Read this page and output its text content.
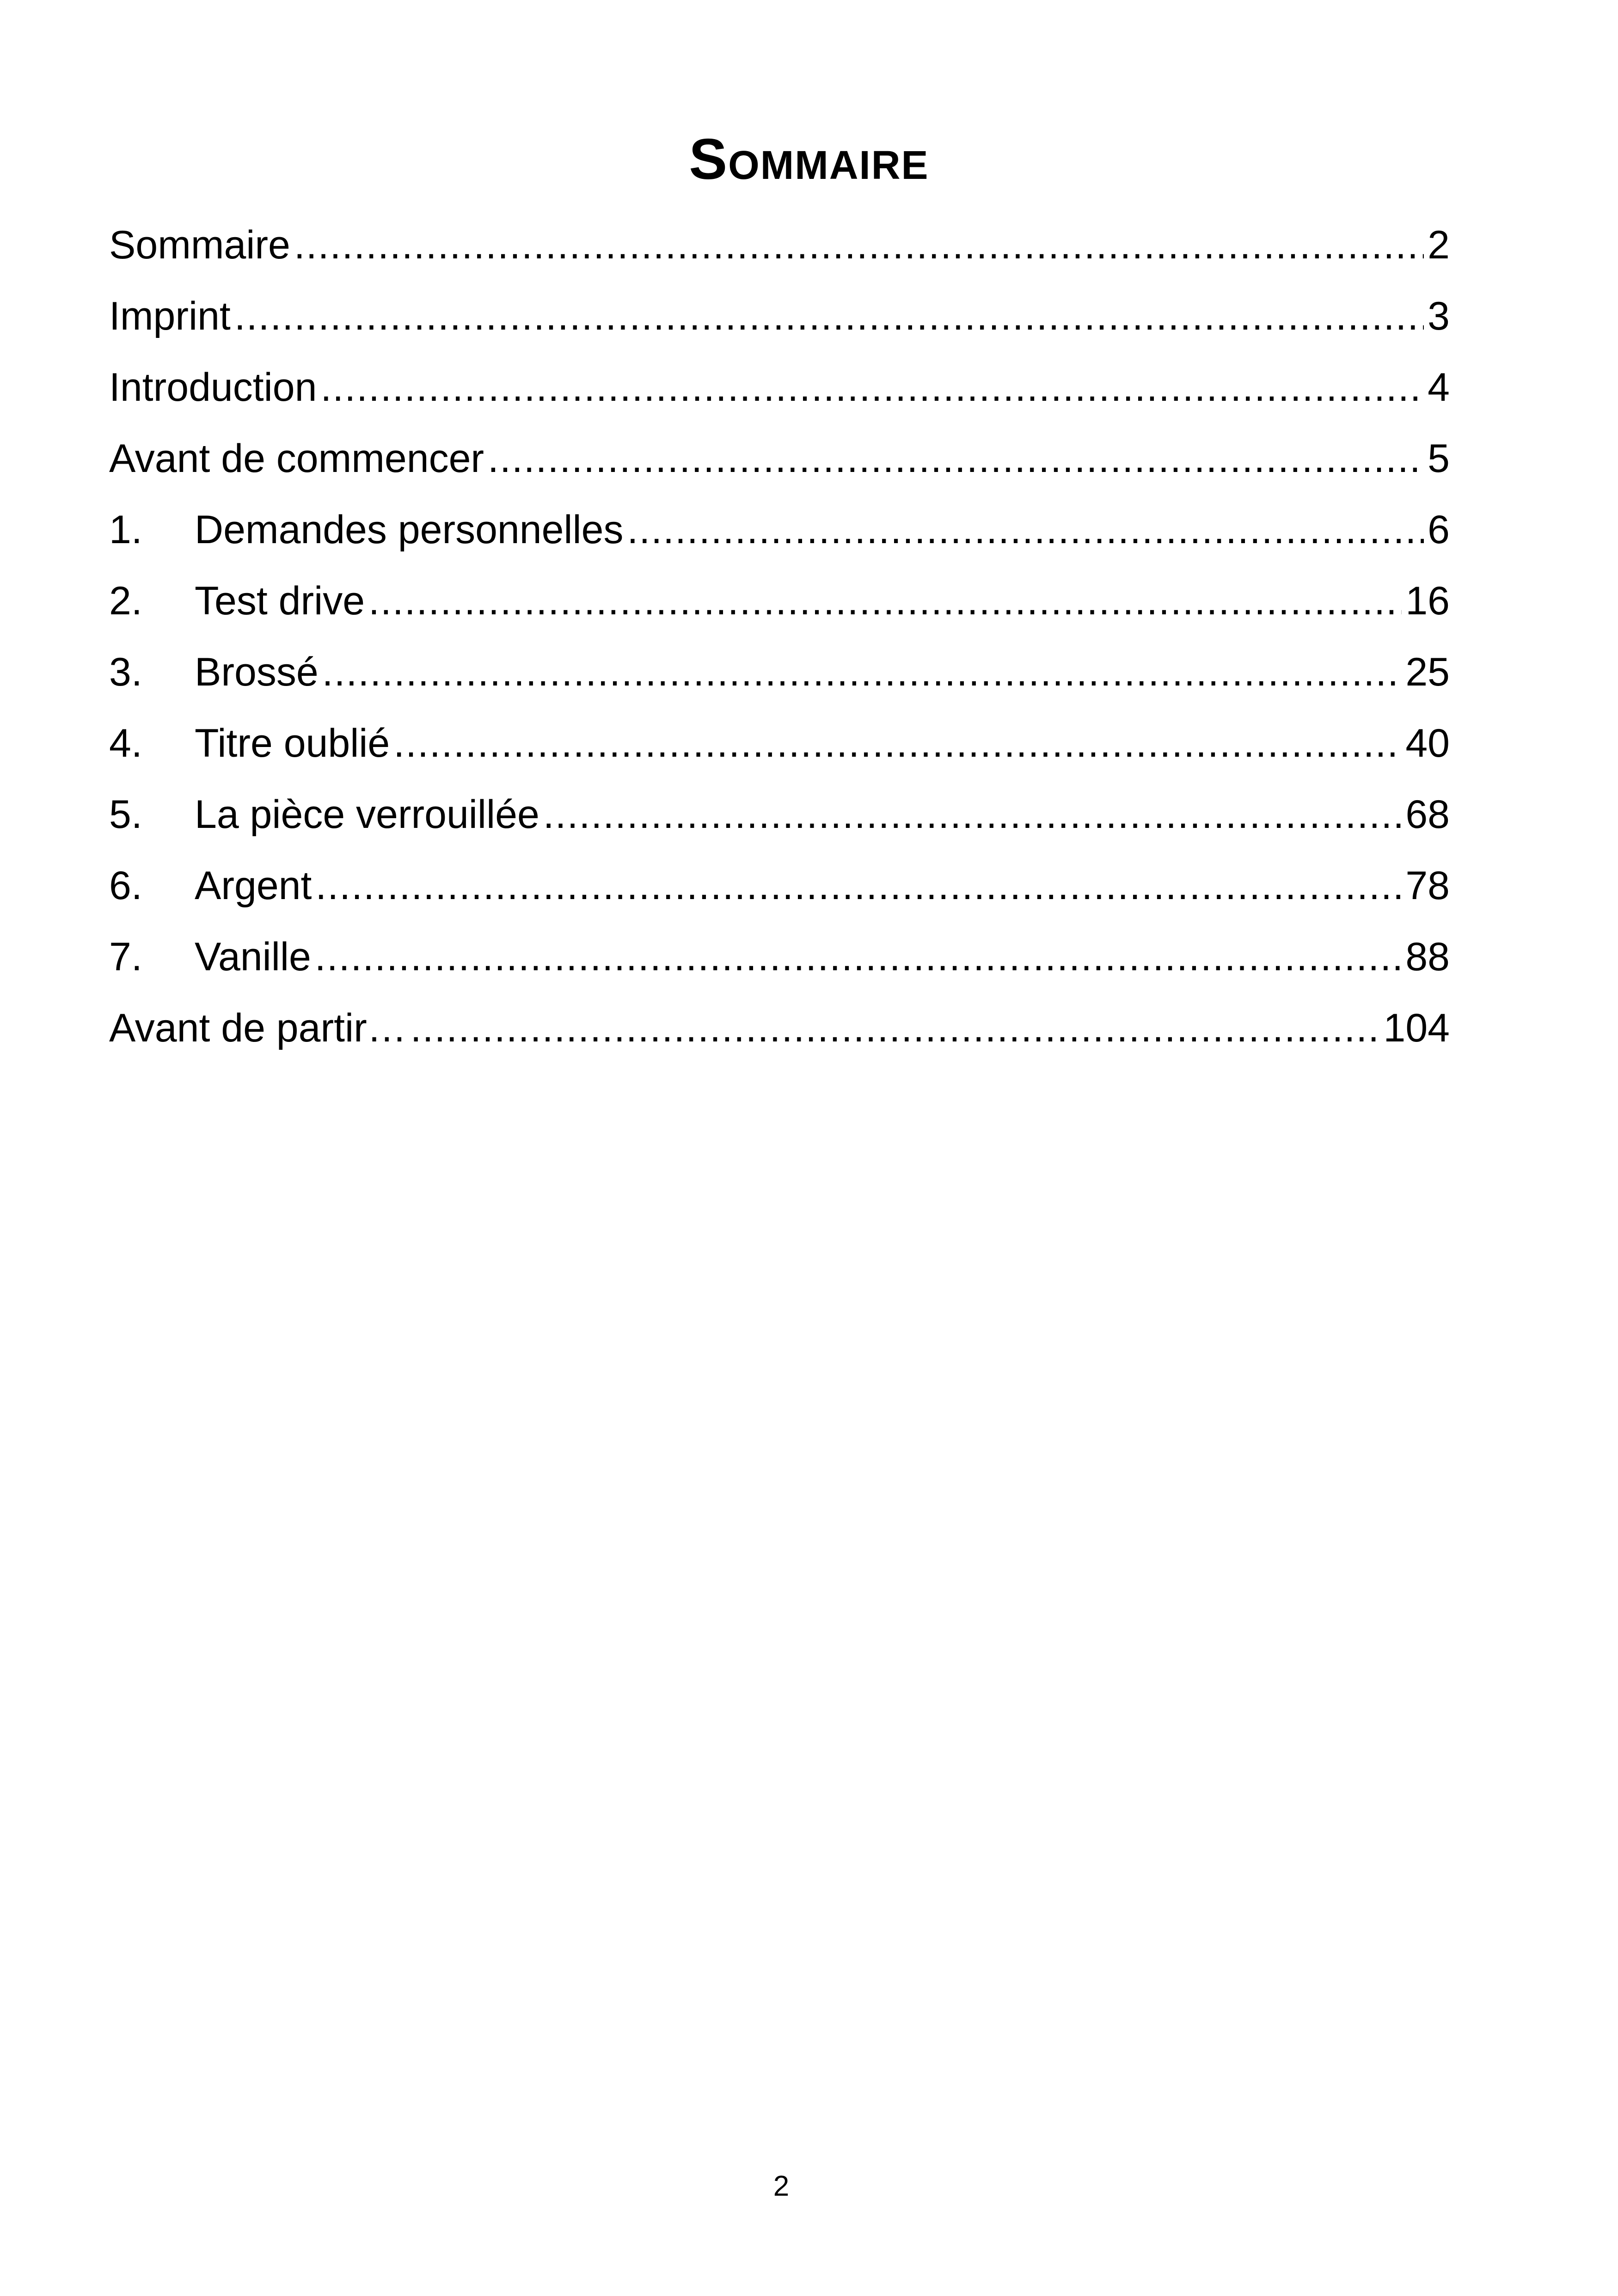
Sommaire
Sommaire .....	2
Imprint .....	3
Introduction .....	4
Avant de commencer .....	5
1.	Demandes personnelles .....	6
2.	Test drive .....	16
3.	Brossé .....	25
4.	Titre oublié .....	40
5.	La pièce verrouillée .....	68
6.	Argent .....	78
7.	Vanille .....	88
Avant de partir… .....	104
2
